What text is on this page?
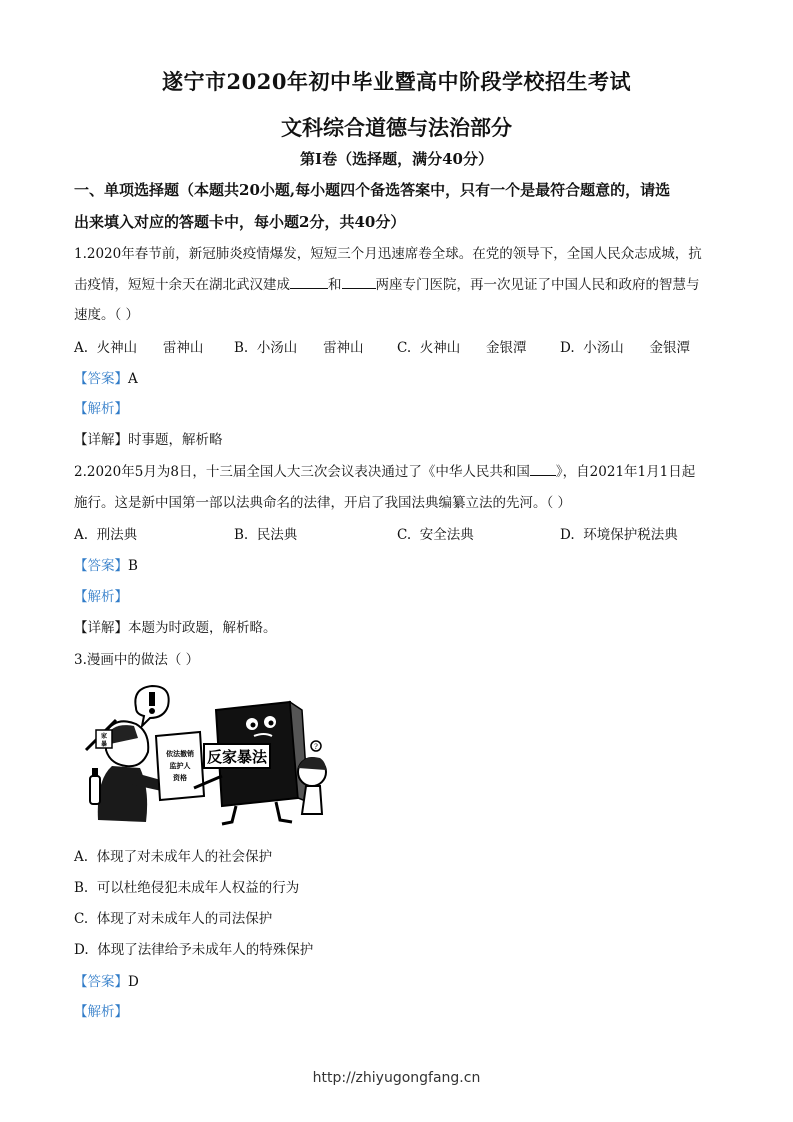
遂宁市2020年初中毕业暨高中阶段学校招生考试
文科综合道德与法治部分
第Ⅰ卷（选择题，满分40分）
一、单项选择题（本题共20小题,每小题四个备选答案中，只有一个是最符合题意的，请选
出来填入对应的答题卡中，每小题2分，共40分）
1.2020年春节前，新冠肺炎疫情爆发，短短三个月迅速席卷全球。在党的领导下，全国人民众志成城，抗
击疫情，短短十余天在湖北武汉建成	和	两座专门医院，再一次见证了中国人民和政府的智慧与
速度。（ ）
A. 火神山 雷神山 B. 小汤山 雷神山 C. 火神山 金银潭 D. 小汤山 金银潭
【答案】A
【解析】
【详解】时事题，解析略
2.2020年5月为8日，十三届全国人大三次会议表决通过了《中华人民共和国 》，自2021年1月1日起
施行。这是新中国第一部以法典命名的法律，开启了我国法典编纂立法的先河。（ ）
A. 刑法典	B. 民法典	C. 安全法典	D. 环境保护税法典
【答案】B
【解析】
【详解】本题为时政题，解析略。
3.漫画中的做法（ ）
家
暴
依法撤销
监护人
资格
反家暴法
?
A. 体现了对未成年人的社会保护
B. 可以杜绝侵犯未成年人权益的行为
C. 体现了对未成年人的司法保护
D. 体现了法律给予未成年人的特殊保护
【答案】D
【解析】
http://zhiyugongfang.cn
